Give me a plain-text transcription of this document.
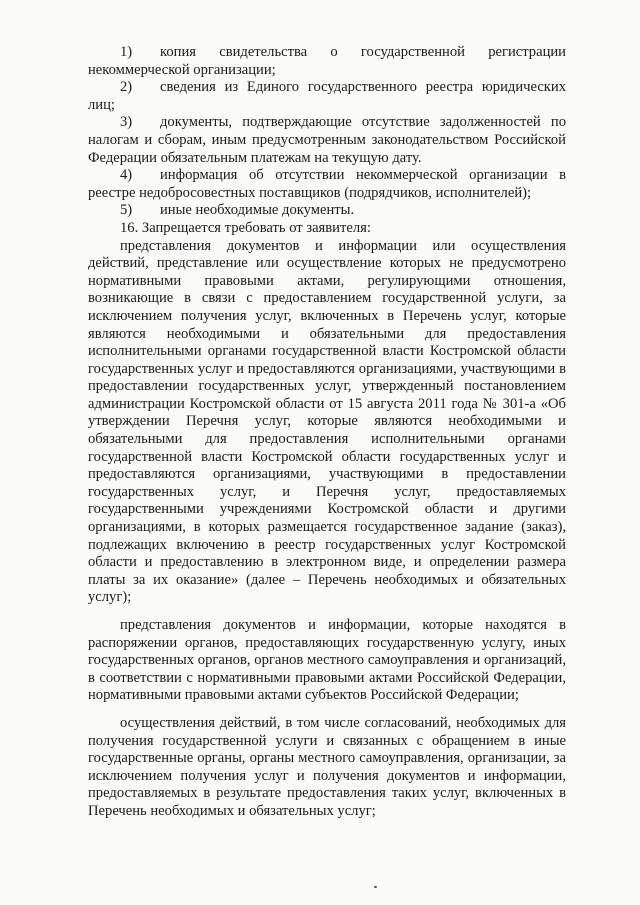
1) копия свидетельства о государственной регистрации некоммерческой организации;

2) сведения из Единого государственного реестра юридических лиц;

3) документы, подтверждающие отсутствие задолженностей по налогам и сборам, иным предусмотренным законодательством Российской Федерации обязательным платежам на текущую дату.

4) информация об отсутствии некоммерческой организации в реестре недобросовестных поставщиков (подрядчиков, исполнителей);

5) иные необходимые документы.

16. Запрещается требовать от заявителя:

представления документов и информации или осуществления действий, представление или осуществление которых не предусмотрено нормативными правовыми актами, регулирующими отношения, возникающие в связи с предоставлением государственной услуги, за исключением получения услуг, включенных в Перечень услуг, которые являются необходимыми и обязательными для предоставления исполнительными органами государственной власти Костромской области государственных услуг и предоставляются организациями, участвующими в предоставлении государственных услуг, утвержденный постановлением администрации Костромской области от 15 августа 2011 года № 301-а «Об утверждении Перечня услуг, которые являются необходимыми и обязательными для предоставления исполнительными органами государственной власти Костромской области государственных услуг и предоставляются организациями, участвующими в предоставлении государственных услуг, и Перечня услуг, предоставляемых государственными учреждениями Костромской области и другими организациями, в которых размещается государственное задание (заказ), подлежащих включению в реестр государственных услуг Костромской области и предоставлению в электронном виде, и определении размера платы за их оказание» (далее – Перечень необходимых и обязательных услуг);

представления документов и информации, которые находятся в распоряжении органов, предоставляющих государственную услугу, иных государственных органов, органов местного самоуправления и организаций, в соответствии с нормативными правовыми актами Российской Федерации, нормативными правовыми актами субъектов Российской Федерации;

осуществления действий, в том числе согласований, необходимых для получения государственной услуги и связанных с обращением в иные государственные органы, органы местного самоуправления, организации, за исключением получения услуг и получения документов и информации, предоставляемых в результате предоставления таких услуг, включенных в Перечень необходимых и обязательных услуг;
